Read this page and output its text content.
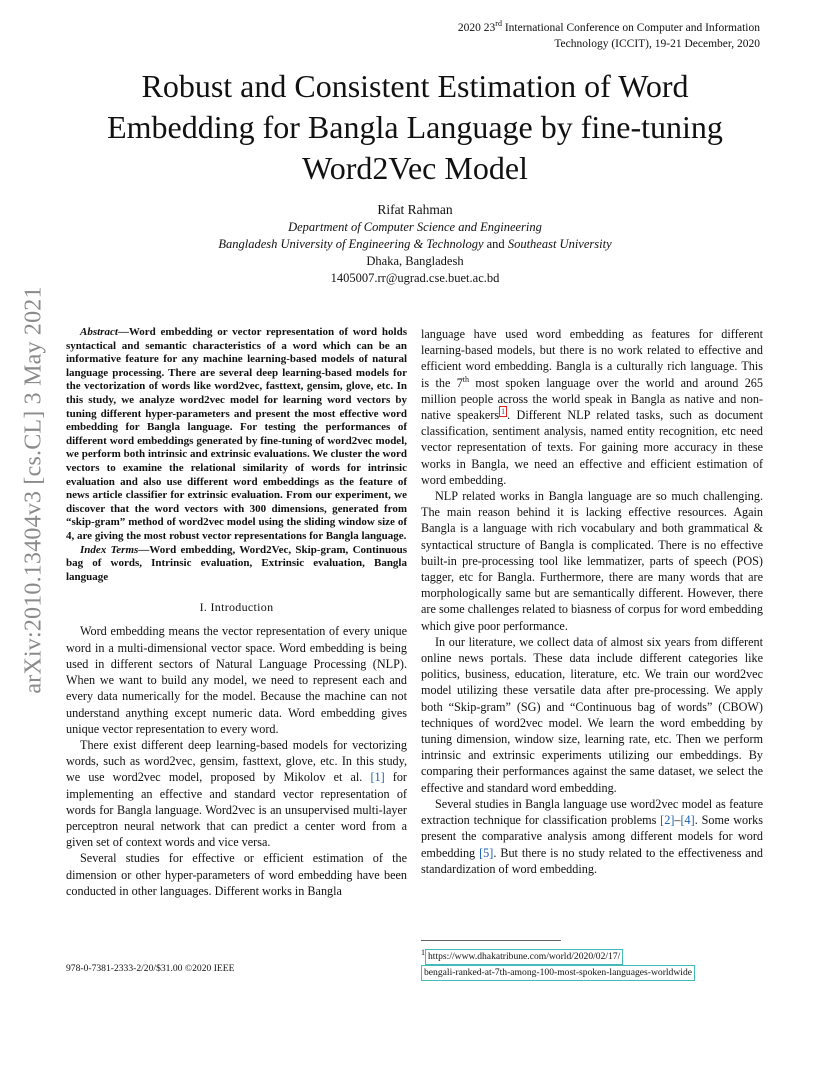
2020 23rd International Conference on Computer and Information
Technology (ICCIT), 19-21 December, 2020
Robust and Consistent Estimation of Word
Embedding for Bangla Language by fine-tuning
Word2Vec Model
Rifat Rahman
Department of Computer Science and Engineering
Bangladesh University of Engineering & Technology and Southeast University
Dhaka, Bangladesh
1405007.rr@ugrad.cse.buet.ac.bd
arXiv:2010.13404v3 [cs.CL] 3 May 2021	Abstract—Word embedding or vector representation of word holds syntactical and semantic characteristics of a word which can be an informative feature for any machine learning-based models of natural language processing. There are several deep learning-based models for the vectorization of words like word2vec, fasttext, gensim, glove, etc. In this study, we analyze word2vec model for learning word vectors by tuning different hyper-parameters and present the most effective word embedding for Bangla language. For testing the performances of different word embeddings generated by fine-tuning of word2vec model, we perform both intrinsic and extrinsic evaluations. We cluster the word vectors to examine the relational similarity of words for intrinsic evaluation and also use different word embeddings as the feature of news article classifier for extrinsic evaluation. From our experiment, we discover that the word vectors with 300 dimensions, generated from “skip-gram” method of word2vec model using the sliding window size of 4, are giving the most robust vector representations for Bangla language.

Index Terms—Word embedding, Word2Vec, Skip-gram, Continuous bag of words, Intrinsic evaluation, Extrinsic evaluation, Bangla language

I. Introduction

Word embedding means the vector representation of every unique word in a multi-dimensional vector space. Word embedding is being used in different sectors of Natural Language Processing (NLP). When we want to build any model, we need to represent each and every data numerically for the model. Because the machine can not understand anything except numeric data. Word embedding gives unique vector representation to every word.

There exist different deep learning-based models for vectorizing words, such as word2vec, gensim, fasttext, glove, etc. In this study, we use word2vec model, proposed by Mikolov et al. [1] for implementing an effective and standard vector representation of words for Bangla language. Word2vec is an unsupervised multi-layer perceptron neural network that can predict a center word from a given set of context words and vice versa.

Several studies for effective or efficient estimation of the dimension or other hyper-parameters of word embedding have been conducted in other languages. Different works in Bangla

language have used word embedding as features for different learning-based models, but there is no work related to effective and efficient word embedding. Bangla is a culturally rich language. This is the 7th most spoken language over the world and around 265 million people across the world speak in Bangla as native and non-native speakers $^1$ . Different NLP related tasks, such as document classification, sentiment analysis, named entity recognition, etc need vector representation of texts. For gaining more accuracy in these works in Bangla, we need an effective and efficient estimation of word embedding.

NLP related works in Bangla language are so much challenging. The main reason behind it is lacking effective resources. Again Bangla is a language with rich vocabulary and both grammatical & syntactical structure of Bangla is complicated. There is no effective built-in pre-processing tool like lemmatizer, parts of speech (POS) tagger, etc for Bangla. Furthermore, there are many words that are morphologically same but are semantically different. However, there are some challenges related to biasness of corpus for word embedding which give poor performance.

In our literature, we collect data of almost six years from different online news portals. These data include different categories like politics, business, education, literature, etc. We train our word2vec model utilizing these versatile data after pre-processing. We apply both “Skip-gram” (SG) and “Continuous bag of words” (CBOW) techniques of word2vec model. We learn the word embedding by tuning dimension, window size, learning rate, etc. Then we perform intrinsic and extrinsic experiments utilizing our embeddings. By comparing their performances against the same dataset, we select the effective and standard word embedding.

Several studies in Bangla language use word2vec model as feature extraction technique for classification problems [2]–[4]. Some works present the comparative analysis among different models for word embedding [5]. But there is no study related to the effectiveness and standardization of word embedding.

$^1$ https://www.dhakatribune.com/world/2020/02/17/
bengali-ranked-at-7th-among-100-most-spoken-languages-worldwide
978-0-7381-2333-2/20/$31.00 ©2020 IEEE
